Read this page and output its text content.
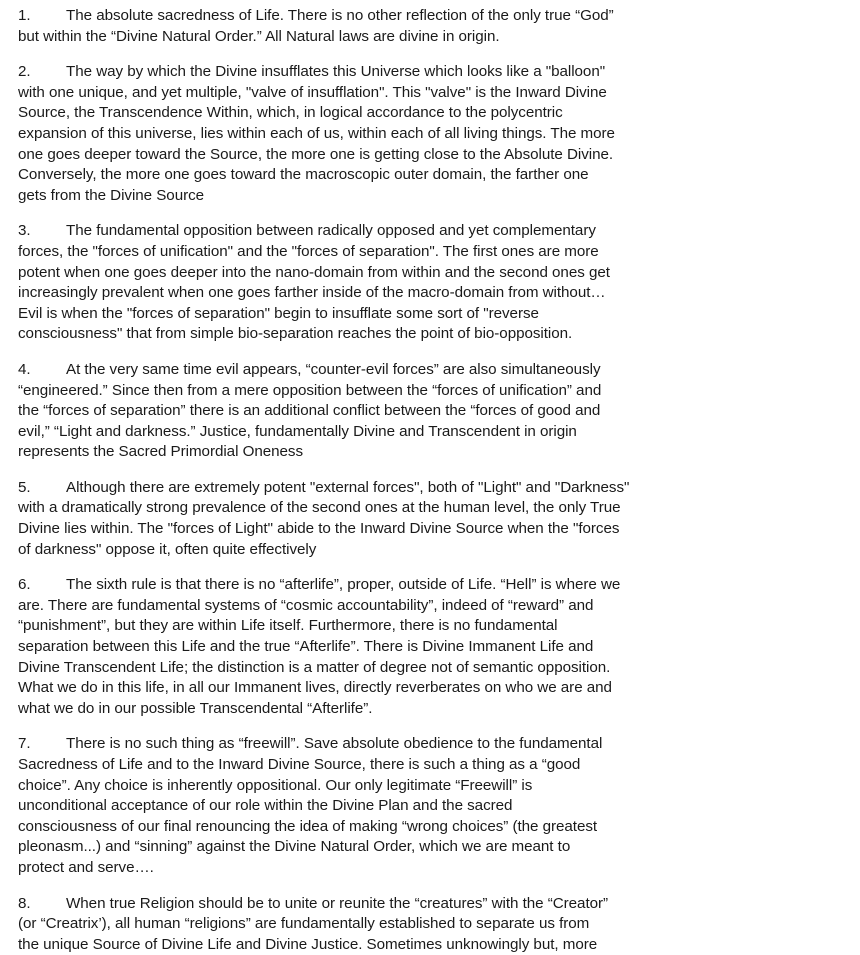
1. The absolute sacredness of Life. There is no other reflection of the only true “God”

but within the “Divine Natural Order.” All Natural laws are divine in origin.

2. The way by which the Divine insufflates this Universe which looks like a "balloon"

with one unique, and yet multiple, "valve of insufflation". This "valve" is the Inward Divine

Source, the Transcendence Within, which, in logical accordance to the polycentric

expansion of this universe, lies within each of us, within each of all living things. The more

one goes deeper toward the Source, the more one is getting close to the Absolute Divine.

Conversely, the more one goes toward the macroscopic outer domain, the farther one

gets from the Divine Source

3. The fundamental opposition between radically opposed and yet complementary

forces, the "forces of unification" and the "forces of separation". The first ones are more

potent when one goes deeper into the nano-domain from within and the second ones get

increasingly prevalent when one goes farther inside of the macro-domain from without…

Evil is when the "forces of separation" begin to insufflate some sort of "reverse

consciousness" that from simple bio-separation reaches the point of bio-opposition.

4. At the very same time evil appears, “counter-evil forces” are also simultaneously

“engineered.” Since then from a mere opposition between the “forces of unification” and

the “forces of separation” there is an additional conflict between the “forces of good and

evil,” “Light and darkness.” Justice, fundamentally Divine and Transcendent in origin

represents the Sacred Primordial Oneness

5. Although there are extremely potent "external forces", both of "Light" and "Darkness"

with a dramatically strong prevalence of the second ones at the human level, the only True

Divine lies within. The "forces of Light" abide to the Inward Divine Source when the "forces

of darkness" oppose it, often quite effectively

6. The sixth rule is that there is no “afterlife”, proper, outside of Life. “Hell” is where we

are. There are fundamental systems of “cosmic accountability”, indeed of “reward” and

“punishment”, but they are within Life itself. Furthermore, there is no fundamental

separation between this Life and the true “Afterlife”. There is Divine Immanent Life and

Divine Transcendent Life; the distinction is a matter of degree not of semantic opposition.

What we do in this life, in all our Immanent lives, directly reverberates on who we are and

what we do in our possible Transcendental “Afterlife”.

7. There is no such thing as “freewill”. Save absolute obedience to the fundamental

Sacredness of Life and to the Inward Divine Source, there is such a thing as a “good

choice”. Any choice is inherently oppositional. Our only legitimate “Freewill” is

unconditional acceptance of our role within the Divine Plan and the sacred

consciousness of our final renouncing the idea of making “wrong choices” (the greatest

pleonasm...) and “sinning” against the Divine Natural Order, which we are meant to

protect and serve….

8. When true Religion should be to unite or reunite the “creatures” with the “Creator”

(or “Creatrix’), all human “religions” are fundamentally established to separate us from

the unique Source of Divine Life and Divine Justice. Sometimes unknowingly but, more
